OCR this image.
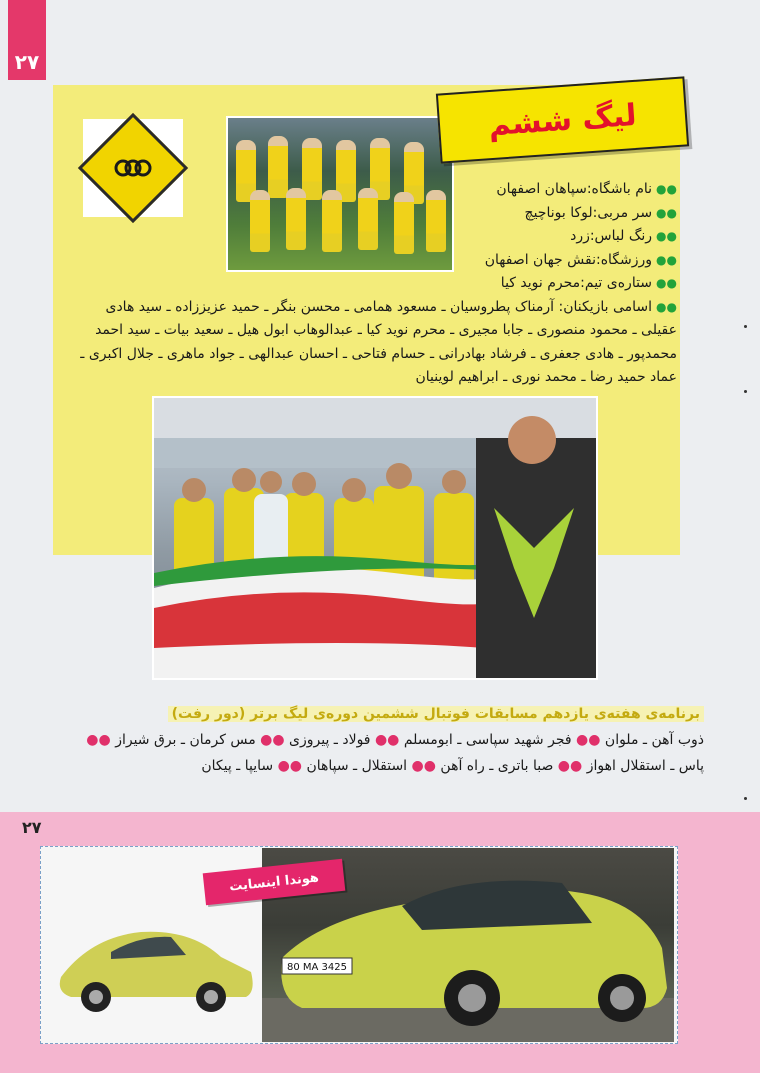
۲۷
لیگ ششم
●●نام باشگاه:سپاهان اصفهان
●●سر مربی:لوکا بوناچیچ
●●رنگ لباس:زرد
●●ورزشگاه:نقش جهان اصفهان
●●ستاره‌ی تیم:محرم نوید کیا
●●اسامی بازیکنان: آرمناک پطروسیان ـ مسعود همامی ـ محسن بنگر ـ حمید عزیززاده ـ سید هادی عقیلی ـ محمود منصوری ـ جابا مجیری ـ محرم نوید کیا ـ عبدالوهاب ابول هیل ـ سعید بیات ـ سید احمد محمدپور ـ هادی جعفری ـ فرشاد بهادرانی ـ حسام فتاحی ـ احسان عبدالهی ـ جواد ماهری ـ جلال اکبری ـ عماد حمید رضا ـ محمد نوری ـ ابراهیم لوینیان
برنامه‌ی هفته‌ی یازدهم مسابقات فوتبال ششمین دوره‌ی لیگ برتر (دور رفت)
ذوب آهن ـ ملوان ●● فجر شهید سپاسی ـ ابومسلم ●● فولاد ـ پیروزی ●● مس کرمان ـ برق شیراز ●●
پاس ـ استقلال اهواز ●● صبا باتری ـ راه آهن ●● استقلال ـ سپاهان ●● سایپا ـ پیکان
۲۷
80 MA 3425
هوندا اینسایت
